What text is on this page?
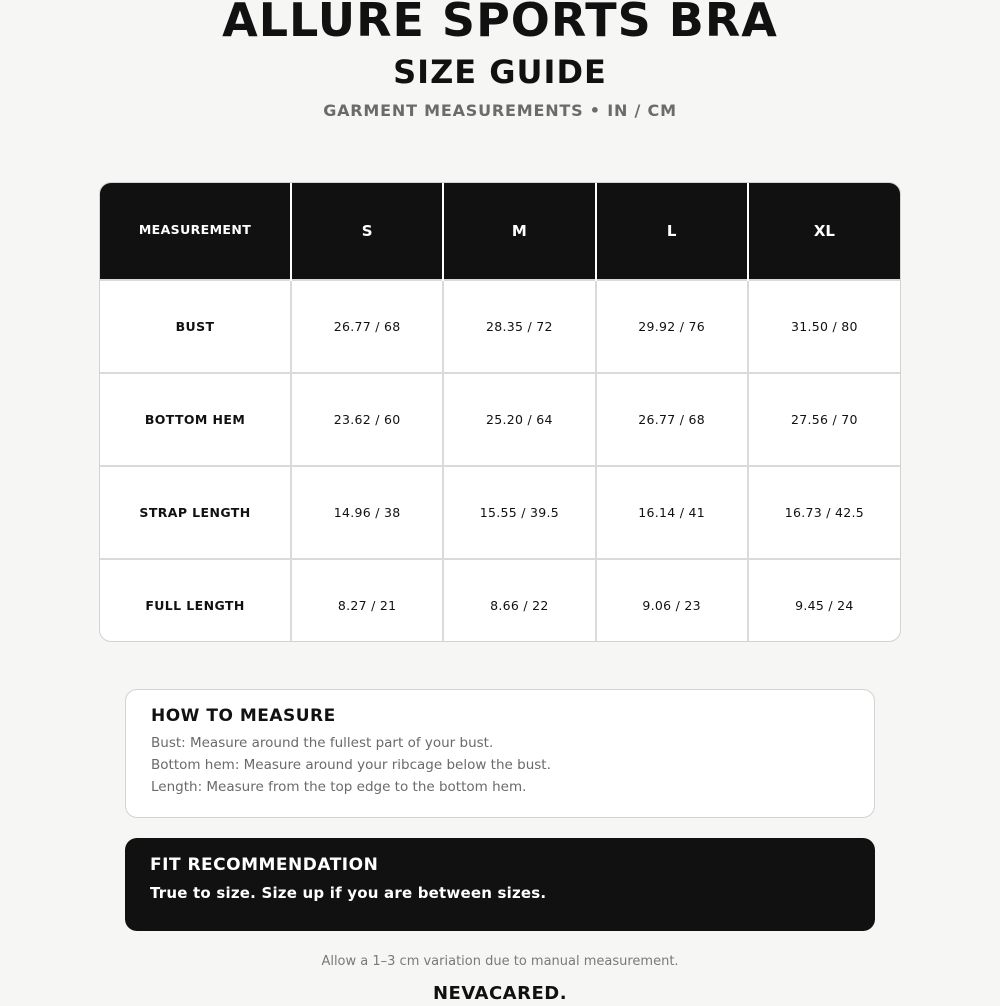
ALLURE SPORTS BRA
SIZE GUIDE
GARMENT MEASUREMENTS • IN / CM
MEASUREMENT	S	M	L	XL
BUST	26.77 / 68	28.35 / 72	29.92 / 76	31.50 / 80
BOTTOM HEM	23.62 / 60	25.20 / 64	26.77 / 68	27.56 / 70
STRAP LENGTH	14.96 / 38	15.55 / 39.5	16.14 / 41	16.73 / 42.5
FULL LENGTH	8.27 / 21	8.66 / 22	9.06 / 23	9.45 / 24
HOW TO MEASURE
Bust: Measure around the fullest part of your bust.
Bottom hem: Measure around your ribcage below the bust.
Length: Measure from the top edge to the bottom hem.
FIT RECOMMENDATION
True to size. Size up if you are between sizes.
Allow a 1–3 cm variation due to manual measurement.
NEVACARED.
